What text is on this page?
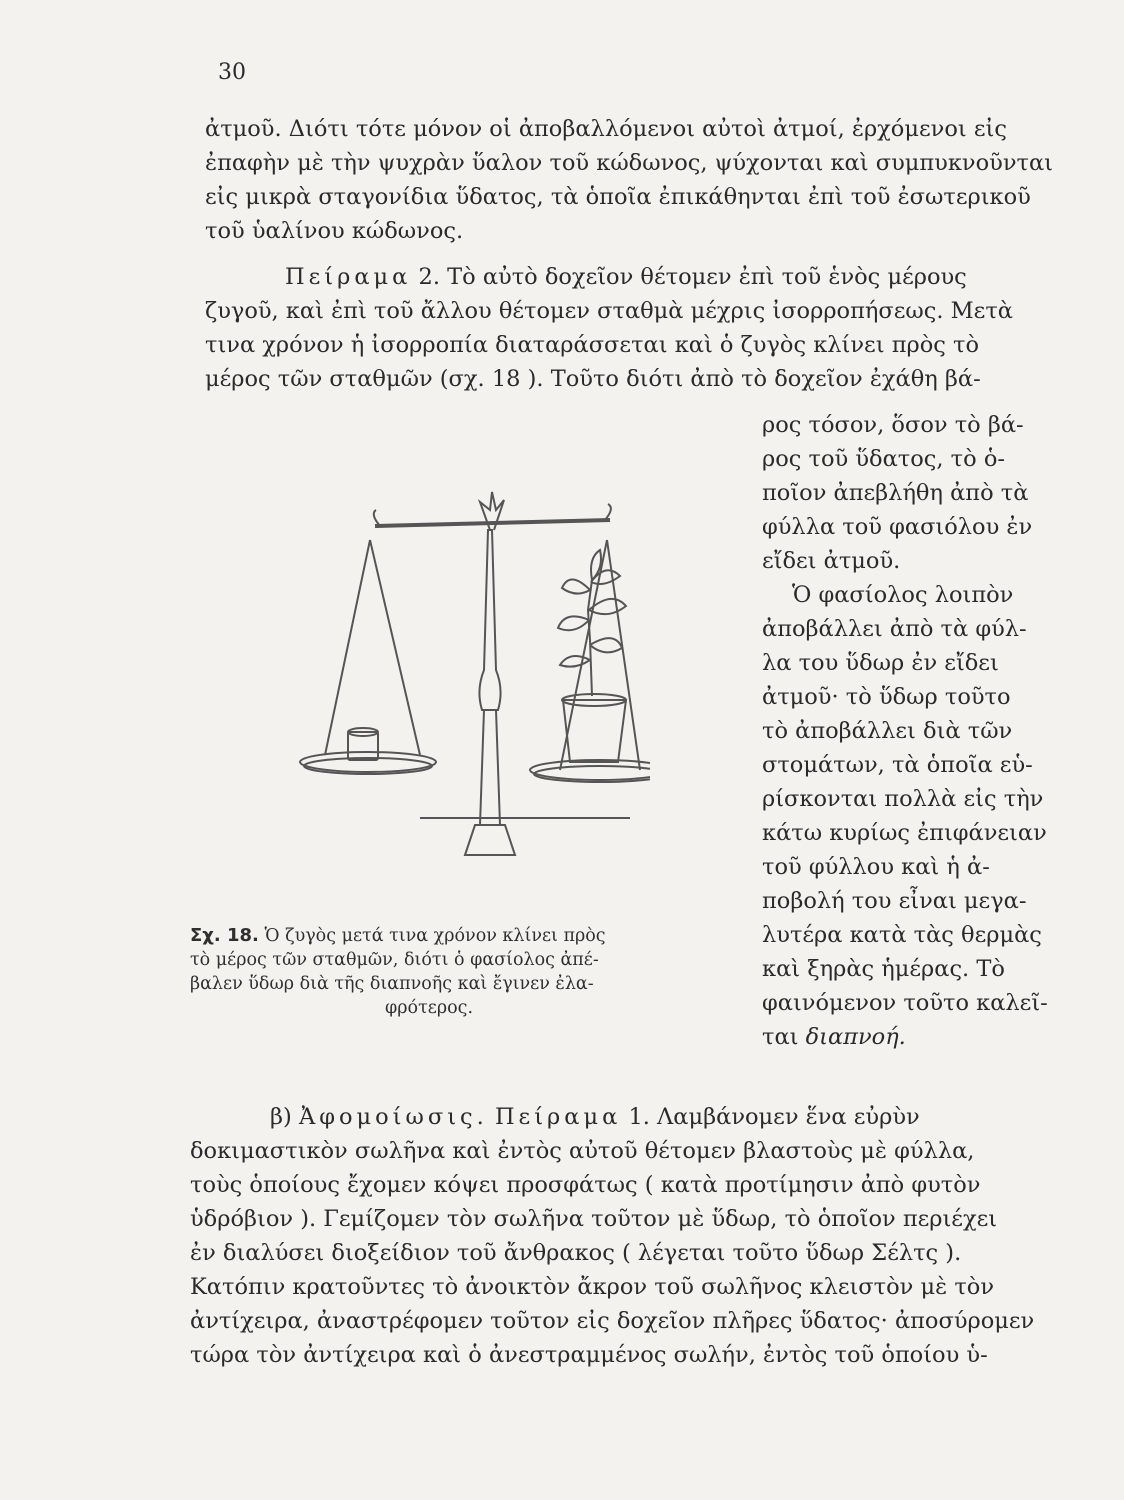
30
ἀτμοῦ. Διότι τότε μόνον οἱ ἀποβαλλόμενοι αὐτοὶ ἀτμοί, ἐρχόμενοι εἰς
ἐπαφὴν μὲ τὴν ψυχρὰν ὕαλον τοῦ κώδωνος, ψύχονται καὶ συμπυκνοῦνται
εἰς μικρὰ σταγονίδια ὕδατος, τὰ ὁποῖα ἐπικάθηνται ἐπὶ τοῦ ἐσωτερικοῦ
τοῦ ὑαλίνου κώδωνος.
Πείραμα 2. Τὸ αὐτὸ δοχεῖον θέτομεν ἐπὶ τοῦ ἑνὸς μέρους
ζυγοῦ, καὶ ἐπὶ τοῦ ἄλλου θέτομεν σταθμὰ μέχρις ἰσορροπήσεως. Μετὰ
τινα χρόνον ἡ ἰσορροπία διαταράσσεται καὶ ὁ ζυγὸς κλίνει πρὸς τὸ
μέρος τῶν σταθμῶν (σχ. 18 ). Τοῦτο διότι ἀπὸ τὸ δοχεῖον ἐχάθη βά-
ρος τόσον, ὅσον τὸ βά-
ρος τοῦ ὕδατος, τὸ ὁ-
ποῖον ἀπεβλήθη ἀπὸ τὰ
φύλλα τοῦ φασιόλου ἐν
εἴδει ἀτμοῦ.
Ὁ φασίολος λοιπὸν
ἀποβάλλει ἀπὸ τὰ φύλ-
λα του ὕδωρ ἐν εἴδει
ἀτμοῦ· τὸ ὕδωρ τοῦτο
τὸ ἀποβάλλει διὰ τῶν
στομάτων, τὰ ὁποῖα εὑ-
ρίσκονται πολλὰ εἰς τὴν
κάτω κυρίως ἐπιφάνειαν
τοῦ φύλλου καὶ ἡ ἀ-
ποβολή του εἶναι μεγα-
λυτέρα κατὰ τὰς θερμὰς
καὶ ξηρὰς ἡμέρας. Τὸ
φαινόμενον τοῦτο καλεῖ-
ται διαπνοή.
Σχ. 18. Ὁ ζυγὸς μετά τινα χρόνον κλίνει πρὸς
τὸ μέρος τῶν σταθμῶν, διότι ὁ φασίολος ἀπέ-
βαλεν ὕδωρ διὰ τῆς διαπνοῆς καὶ ἔγινεν ἐλα-
φρότερος.
β) Ἀφομοίωσις. Πείραμα 1. Λαμβάνομεν ἕνα εὐρὺν
δοκιμαστικὸν σωλῆνα καὶ ἐντὸς αὐτοῦ θέτομεν βλαστοὺς μὲ φύλλα,
τοὺς ὁποίους ἔχομεν κόψει προσφάτως ( κατὰ προτίμησιν ἀπὸ φυτὸν
ὑδρόβιον ). Γεμίζομεν τὸν σωλῆνα τοῦτον μὲ ὕδωρ, τὸ ὁποῖον περιέχει
ἐν διαλύσει διοξείδιον τοῦ ἄνθρακος ( λέγεται τοῦτο ὕδωρ Σέλτς ).
Κατόπιν κρατοῦντες τὸ ἀνοικτὸν ἄκρον τοῦ σωλῆνος κλειστὸν μὲ τὸν
ἀντίχειρα, ἀναστρέφομεν τοῦτον εἰς δοχεῖον πλῆρες ὕδατος· ἀποσύρομεν
τώρα τὸν ἀντίχειρα καὶ ὁ ἀνεστραμμένος σωλήν, ἐντὸς τοῦ ὁποίου ὑ-
